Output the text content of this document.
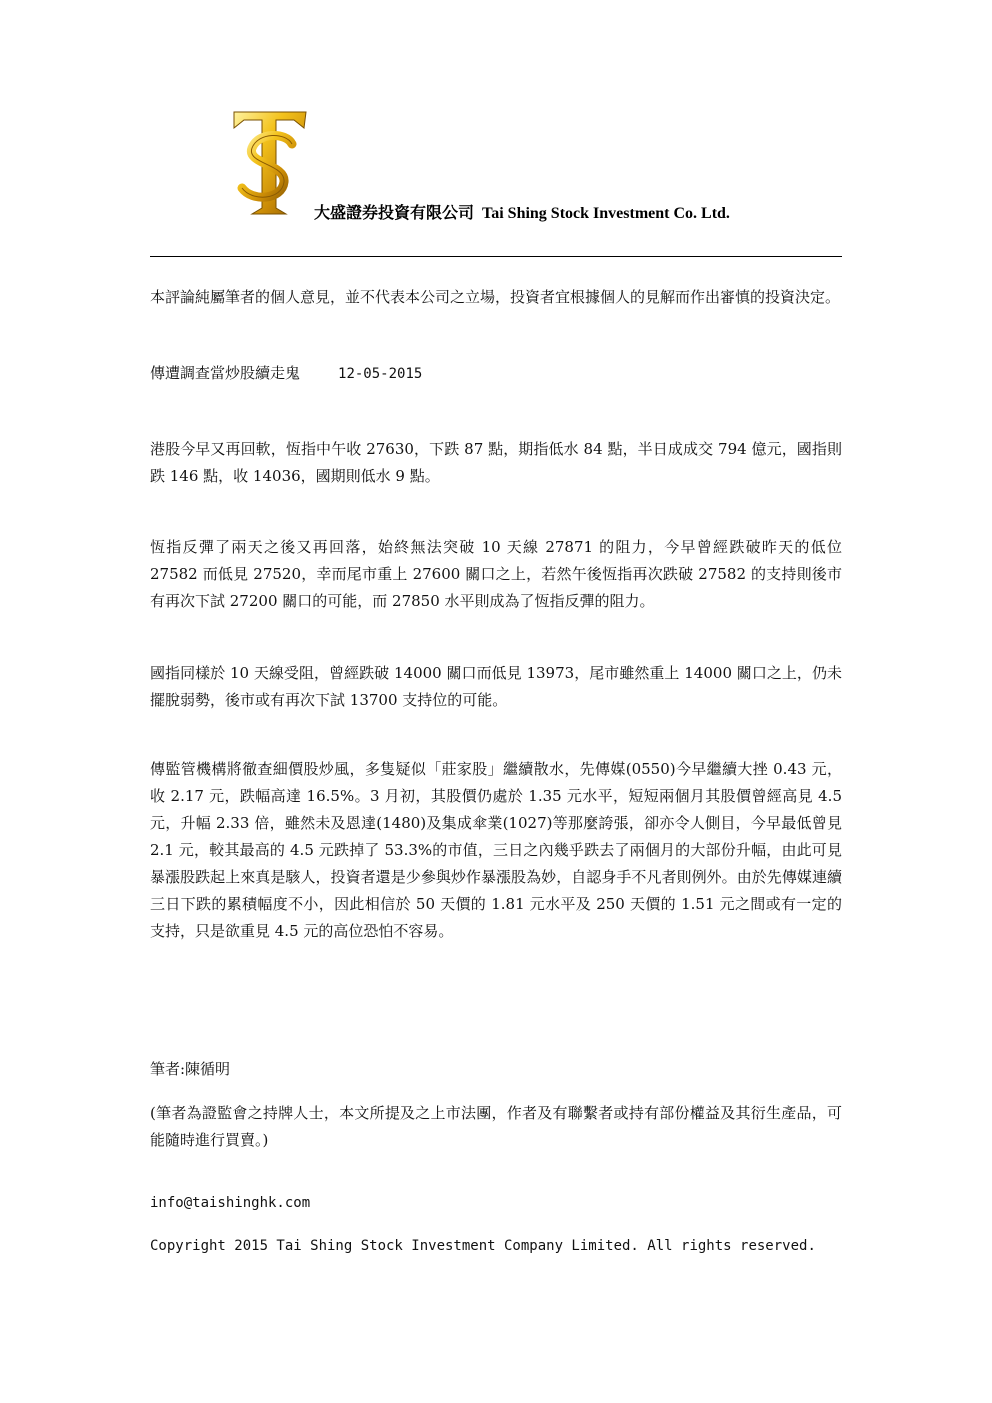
大盛證券投資有限公司 Tai Shing Stock Investment Co. Ltd.

本評論純屬筆者的個人意見，並不代表本公司之立場，投資者宜根據個人的見解而作出審慎的投資決定。

傳遭調查當炒股續走鬼	12-05-2015

港股今早又再回軟，恆指中午收 27630，下跌 87 點，期指低水 84 點，半日成成交 794 億元，國指則跌 146 點，收 14036，國期則低水 9 點。

恆指反彈了兩天之後又再回落，始終無法突破 10 天線 27871 的阻力，今早曾經跌破昨天的低位 27582 而低見 27520，幸而尾市重上 27600 關口之上，若然午後恆指再次跌破 27582 的支持則後市有再次下試 27200 關口的可能，而 27850 水平則成為了恆指反彈的阻力。

國指同樣於 10 天線受阻，曾經跌破 14000 關口而低見 13973，尾市雖然重上 14000 關口之上，仍未擺脫弱勢，後市或有再次下試 13700 支持位的可能。

傳監管機構將徹查細價股炒風，多隻疑似「莊家股」繼續散水，先傳媒(0550)今早繼續大挫 0.43 元，收 2.17 元，跌幅高達 16.5%。3 月初，其股價仍處於 1.35 元水平，短短兩個月其股價曾經高見 4.5 元，升幅 2.33 倍，雖然未及恩達(1480)及集成傘業(1027)等那麼誇張，卻亦令人側目，今早最低曾見 2.1 元，較其最高的 4.5 元跌掉了 53.3%的市值，三日之內幾乎跌去了兩個月的大部份升幅，由此可見暴漲股跌起上來真是駭人，投資者還是少參與炒作暴漲股為妙，自認身手不凡者則例外。由於先傳媒連續三日下跌的累積幅度不小，因此相信於 50 天價的 1.81 元水平及 250 天價的 1.51 元之間或有一定的支持，只是欲重見 4.5 元的高位恐怕不容易。

筆者:陳循明

(筆者為證監會之持牌人士，本文所提及之上市法團，作者及有聯繫者或持有部份權益及其衍生產品，可能隨時進行買賣。)

info@taishinghk.com

Copyright 2015 Tai Shing Stock Investment Company Limited. All rights reserved.
